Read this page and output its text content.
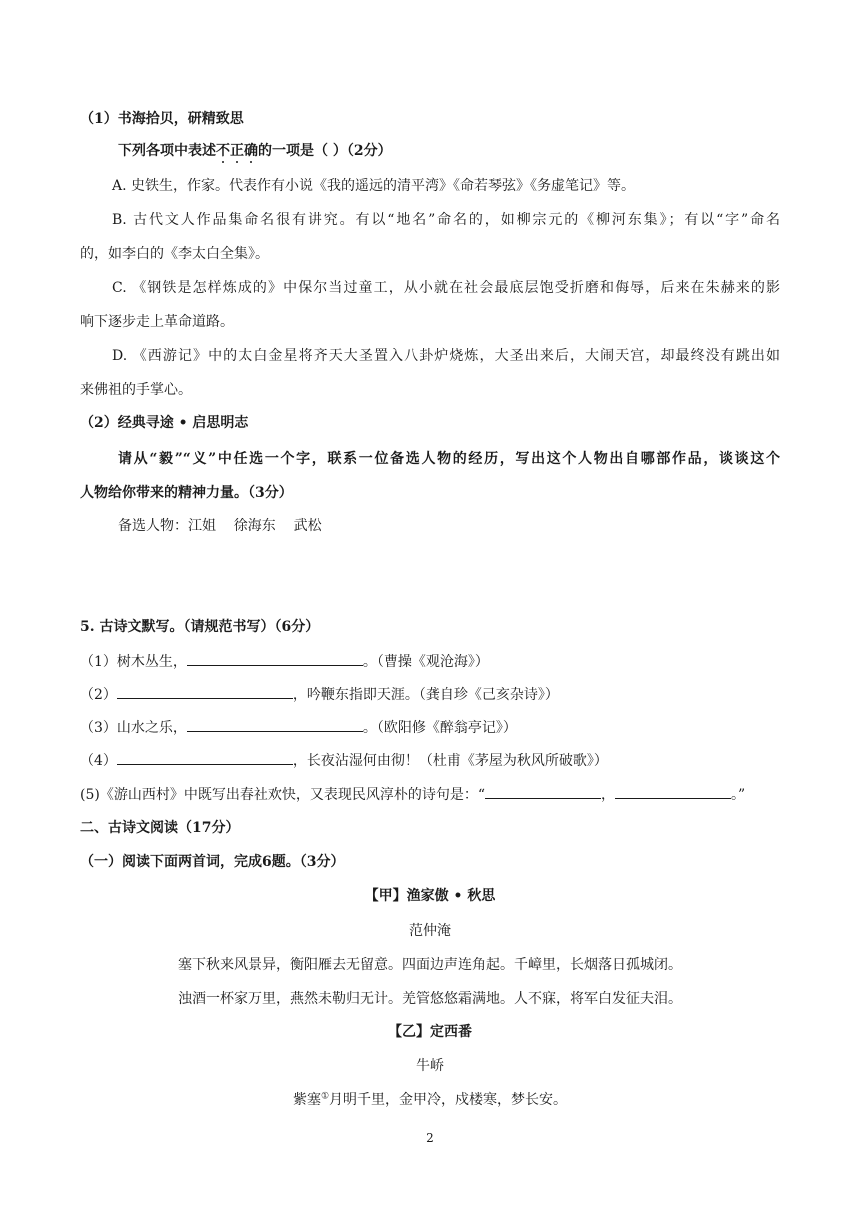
（1）书海拾贝，研精致思
下列各项中表述不正确的一项是（ ）（2分）
A. 史铁生，作家。代表作有小说《我的遥远的清平湾》《命若琴弦》《务虚笔记》等。
B. 古代文人作品集命名很有讲究。有以“地名”命名的，如柳宗元的《柳河东集》；有以“字”命名
的，如李白的《李太白全集》。
C. 《钢铁是怎样炼成的》中保尔当过童工，从小就在社会最底层饱受折磨和侮辱，后来在朱赫来的影
响下逐步走上革命道路。
D. 《西游记》中的太白金星将齐天大圣置入八卦炉烧炼，大圣出来后，大闹天宫，却最终没有跳出如
来佛祖的手掌心。
（2）经典寻途 • 启思明志
请从“毅”“义”中任选一个字，联系一位备选人物的经历，写出这个人物出自哪部作品，谈谈这个
人物给你带来的精神力量。（3分）
备选人物：江姐    徐海东    武松
5. 古诗文默写。（请规范书写）（6分）
（1）树木丛生，	。（曹操《观沧海》）
（2）	，吟鞭东指即天涯。（龚自珍《己亥杂诗》）
（3）山水之乐，	。（欧阳修《醉翁亭记》）
（4）	，长夜沾湿何由彻！（杜甫《茅屋为秋风所破歌》）
(5)《游山西村》中既写出春社欢快，又表现民风淳朴的诗句是：“	，	。”
二、古诗文阅读（17分）
（一）阅读下面两首词，完成6题。（3分）
【甲】渔家傲 • 秋思
范仲淹
塞下秋来风景异，衡阳雁去无留意。四面边声连角起。千嶂里，长烟落日孤城闭。
浊酒一杯家万里，燕然未勒归无计。羌管悠悠霜满地。人不寐，将军白发征夫泪。
【乙】定西番
牛峤
紫塞①月明千里，金甲冷，戍楼寒，梦长安。
2
